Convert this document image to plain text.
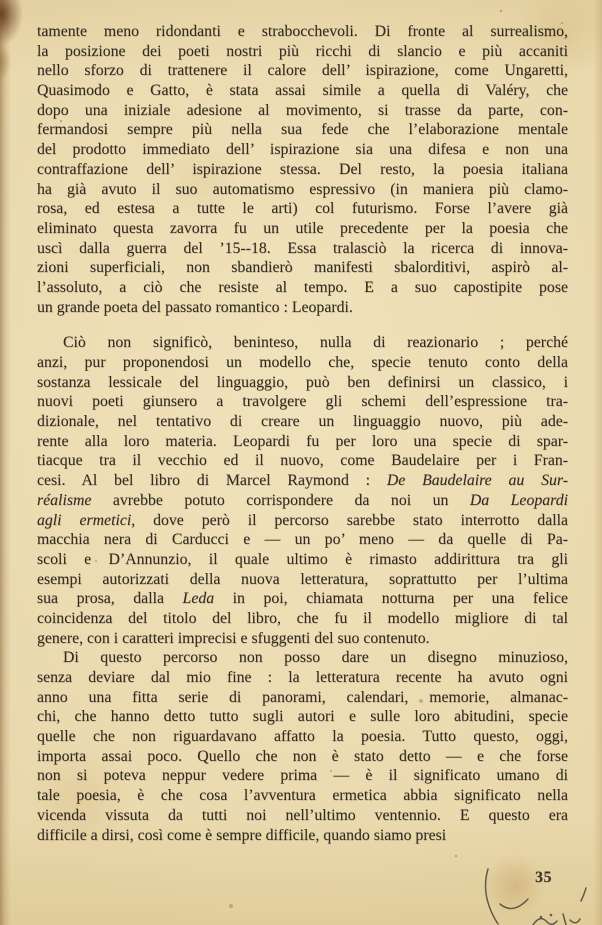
tamente meno ridondanti e strabocchevoli. Di fronte al surrealismo,
la posizione dei poeti nostri più ricchi di slancio e più accaniti
nello sforzo di trattenere il calore dell’ ispirazione, come Ungaretti,
Quasimodo e Gatto, è stata assai simile a quella di Valéry, che
dopo una iniziale adesione al movimento, si trasse da parte, con-
fermandosi sempre più nella sua fede che l’elaborazione mentale
del prodotto immediato dell’ ispirazione sia una difesa e non una
contraffazione dell’ ispirazione stessa. Del resto, la poesia italiana
ha già avuto il suo automatismo espressivo (in maniera più clamo-
rosa, ed estesa a tutte le arti) col futurismo. Forse l’avere già
eliminato questa zavorra fu un utile precedente per la poesia che
uscì dalla guerra del ’15--18. Essa tralasciò la ricerca di innova-
zioni superficiali, non sbandierò manifesti sbalorditivi, aspirò al-
l’assoluto, a ciò che resiste al tempo. E a suo capostipite pose
un grande poeta del passato romantico : Leopardi.
Ciò non significò, beninteso, nulla di reazionario ; perché
anzi, pur proponendosi un modello che, specie tenuto conto della
sostanza lessicale del linguaggio, può ben definirsi un classico, i
nuovi poeti giunsero a travolgere gli schemi dell’espressione tra-
dizionale, nel tentativo di creare un linguaggio nuovo, più ade-
rente alla loro materia. Leopardi fu per loro una specie di spar-
tiacque tra il vecchio ed il nuovo, come Baudelaire per i Fran-
cesi. Al bel libro di Marcel Raymond : De Baudelaire au Sur-
réalisme avrebbe potuto corrispondere da noi un Da Leopardi
agli ermetici, dove però il percorso sarebbe stato interrotto dalla
macchia nera di Carducci e — un po’ meno — da quelle di Pa-
scoli e D’Annunzio, il quale ultimo è rimasto addirittura tra gli
esempi autorizzati della nuova letteratura, soprattutto per l’ultima
sua prosa, dalla Leda in poi, chiamata notturna per una felice
coincidenza del titolo del libro, che fu il modello migliore di tal
genere, con i caratteri imprecisi e sfuggenti del suo contenuto.
Di questo percorso non posso dare un disegno minuzioso,
senza deviare dal mio fine : la letteratura recente ha avuto ogni
anno una fitta serie di panorami, calendari, memorie, almanac-
chi, che hanno detto tutto sugli autori e sulle loro abitudini, specie
quelle che non riguardavano affatto la poesia. Tutto questo, oggi,
importa assai poco. Quello che non è stato detto — e che forse
non si poteva neppur vedere prima — è il significato umano di
tale poesia, è che cosa l’avventura ermetica abbia significato nella
vicenda vissuta da tutti noi nell’ultimo ventennio. E questo era
difficile a dirsi, così come è sempre difficile, quando siamo presi
35
